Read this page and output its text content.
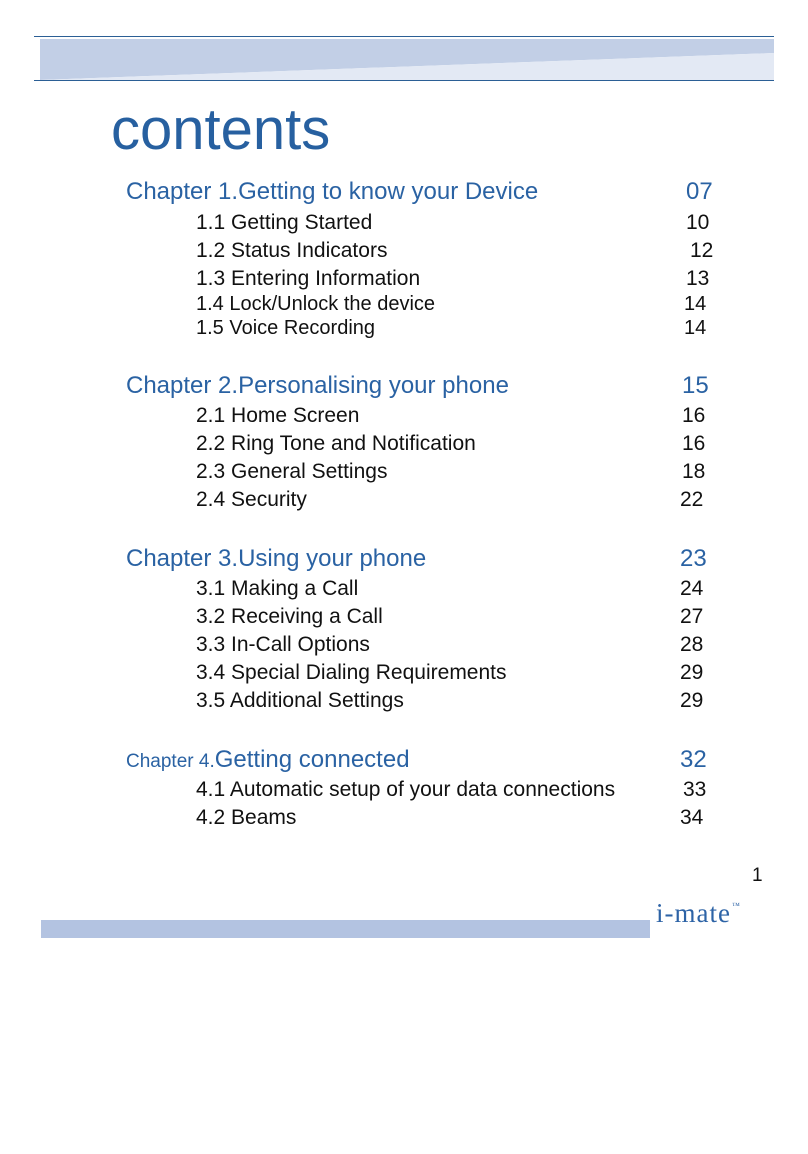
contents
Chapter 1.Getting to know your Device	07
1.1 Getting Started	10
1.2 Status Indicators	12
1.3 Entering Information	13
1.4 Lock/Unlock the device	14
1.5 Voice Recording	14
Chapter 2.Personalising your phone	15
2.1 Home Screen	16
2.2 Ring Tone and Notification	16
2.3 General Settings	18
2.4 Security	22
Chapter 3.Using your phone	23
3.1 Making a Call	24
3.2 Receiving a Call	27
3.3 In-Call Options	28
3.4 Special Dialing Requirements	29
3.5 Additional Settings	29
Chapter 4.Getting connected	32
4.1 Automatic setup of your data connections	33
4.2 Beams	34
1
i-mate™
